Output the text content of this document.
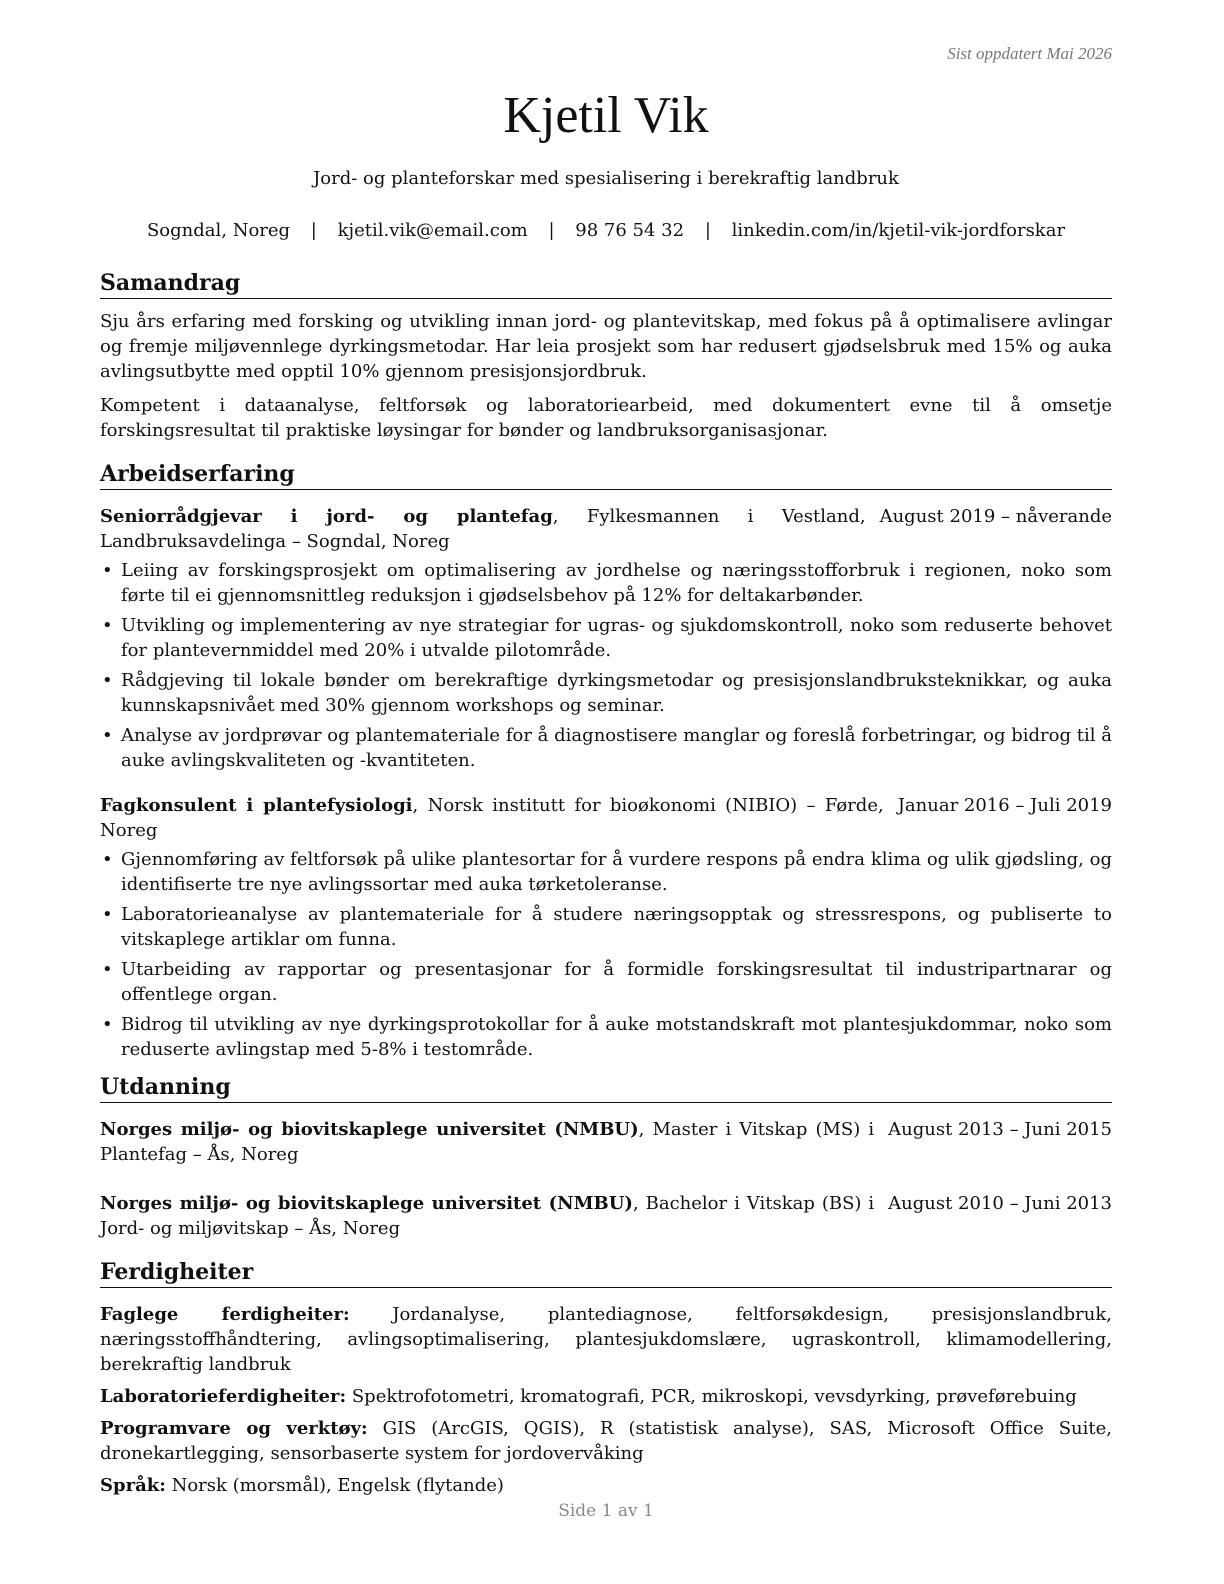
Sist oppdatert Mai 2026
Kjetil Vik
Jord- og planteforskar med spesialisering i berekraftig landbruk
Sogndal, Noreg | kjetil.vik@email.com | 98 76 54 32 | linkedin.com/in/kjetil-vik-jordforskar
Samandrag

Sju års erfaring med forsking og utvikling innan jord- og plantevitskap, med fokus på å optimalisere avlingar og fremje miljøvennlege dyrkingsmetodar. Har leia prosjekt som har redusert gjødselsbruk med 15% og auka avlingsutbytte med opptil 10% gjennom presisjonsjordbruk.

Kompetent i dataanalyse, feltforsøk og laboratoriearbeid, med dokumentert evne til å omsetje forskingsresultat til praktiske løysingar for bønder og landbruksorganisasjonar.

Arbeidserfaring
Seniorrådgjevar i jord- og plantefag, Fylkesmannen i Vestland, Landbruksavdelinga – Sogndal, Noreg
August 2019 – nåverande
• Leiing av forskingsprosjekt om optimalisering av jordhelse og næringsstofforbruk i regionen, noko som førte til ei gjennomsnittleg reduksjon i gjødselsbehov på 12% for deltakarbønder.
• Utvikling og implementering av nye strategiar for ugras- og sjukdomskontroll, noko som reduserte behovet for plantevernmiddel med 20% i utvalde pilotområde.
• Rådgjeving til lokale bønder om berekraftige dyrkingsmetodar og presisjonslandbruksteknikkar, og auka kunnskapsnivået med 30% gjennom workshops og seminar.
• Analyse av jordprøvar og plantemateriale for å diagnostisere manglar og foreslå forbetringar, og bidrog til å auke avlingskvaliteten og -kvantiteten.
Fagkonsulent i plantefysiologi, Norsk institutt for bioøkonomi (NIBIO) – Førde, Noreg
Januar 2016 – Juli 2019
• Gjennomføring av feltforsøk på ulike plantesortar for å vurdere respons på endra klima og ulik gjødsling, og identifiserte tre nye avlingssortar med auka tørketoleranse.
• Laboratorieanalyse av plantemateriale for å studere næringsopptak og stressrespons, og publiserte to vitskaplege artiklar om funna.
• Utarbeiding av rapportar og presentasjonar for å formidle forskingsresultat til industripartnarar og offentlege organ.
• Bidrog til utvikling av nye dyrkingsprotokollar for å auke motstandskraft mot plantesjukdommar, noko som reduserte avlingstap med 5-8% i testområde.
Utdanning
Norges miljø- og biovitskaplege universitet (NMBU), Master i Vitskap (MS) i Plantefag – Ås, Noreg
August 2013 – Juni 2015
Norges miljø- og biovitskaplege universitet (NMBU), Bachelor i Vitskap (BS) i Jord- og miljøvitskap – Ås, Noreg
August 2010 – Juni 2013
Ferdigheiter

Faglege ferdigheiter: Jordanalyse, plantediagnose, feltforsøkdesign, presisjonslandbruk, næringsstoffhåndtering, avlingsoptimalisering, plantesjukdomslære, ugraskontroll, klimamodellering, berekraftig landbruk

Laboratorieferdigheiter: Spektrofotometri, kromatografi, PCR, mikroskopi, vevsdyrking, prøveførebuing

Programvare og verktøy: GIS (ArcGIS, QGIS), R (statistisk analyse), SAS, Microsoft Office Suite, dronekartlegging, sensorbaserte system for jordovervåking

Språk: Norsk (morsmål), Engelsk (flytande)

Side 1 av 1
